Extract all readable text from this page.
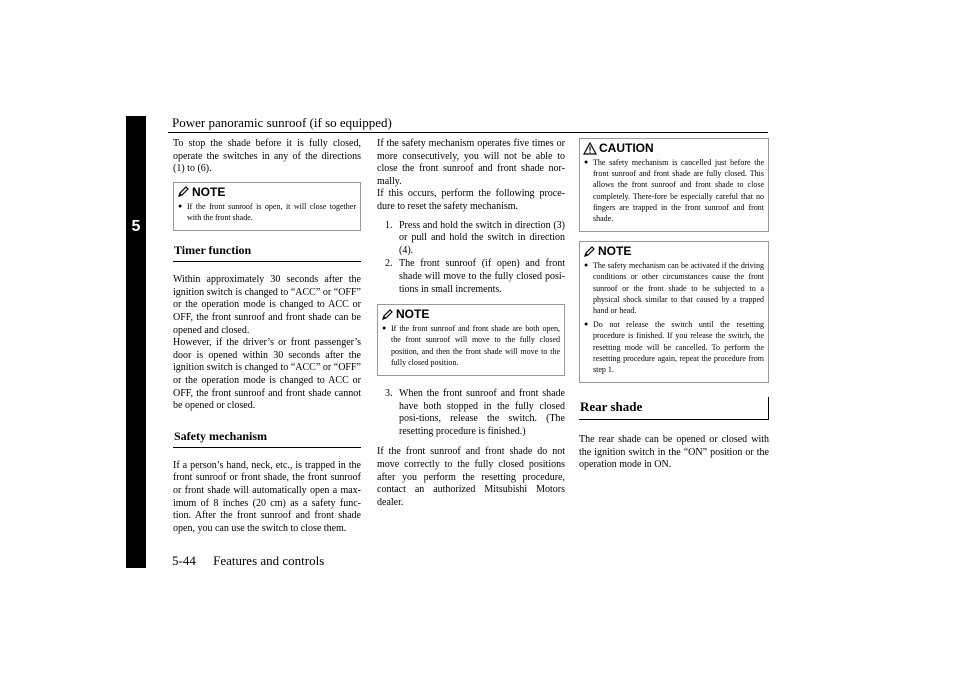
Power panoramic sunroof (if so equipped)
5

To stop the shade before it is fully closed, operate the switches in any of the directions (1) to (6).

NOTE
● If the front sunroof is open, it will close together with the front shade.
Timer function

Within approximately 30 seconds after the ignition switch is changed to “ACC” or “OFF” or the operation mode is changed to ACC or OFF, the front sunroof and front shade can be opened and closed.

However, if the driver’s or front passenger’s door is opened within 30 seconds after the ignition switch is changed to “ACC” or “OFF” or the operation mode is changed to ACC or OFF, the front sunroof and front shade cannot be opened or closed.

Safety mechanism

If a person’s hand, neck, etc., is trapped in the front sunroof or front shade, the front sunroof or front shade will automatically open a max-imum of 8 inches (20 cm) as a safety func-tion. After the front sunroof and front shade open, you can use the switch to close them.

If the safety mechanism operates five times or more consecutively, you will not be able to close the front sunroof and front shade nor-mally.

If this occurs, perform the following proce-dure to reset the safety mechanism.

1. Press and hold the switch in direction (3) or pull and hold the switch in direction (4).
2. The front sunroof (if open) and front shade will move to the fully closed posi-tions in small increments.
NOTE
● If the front sunroof and front shade are both open, the front sunroof will move to the fully closed position, and then the front shade will move to the fully closed position.
3. When the front sunroof and front shade have both stopped in the fully closed posi-tions, release the switch. (The resetting procedure is finished.)

If the front sunroof and front shade do not move correctly to the fully closed positions after you perform the resetting procedure, contact an authorized Mitsubishi Motors dealer.

CAUTION
● The safety mechanism is cancelled just before the front sunroof and front shade are fully closed. This allows the front sunroof and front shade to close completely. There-fore be especially careful that no fingers are trapped in the front sunroof and front shade.
NOTE
● The safety mechanism can be activated if the driving conditions or other circumstances cause the front sunroof or the front shade to be subjected to a physical shock similar to that caused by a trapped hand or head.
● Do not release the switch until the resetting procedure is finished. If you release the switch, the resetting mode will be cancelled. To perform the resetting procedure again, repeat the procedure from step 1.
Rear shade

The rear shade can be opened or closed with the ignition switch in the “ON” position or the operation mode in ON.

5-44 Features and controls
